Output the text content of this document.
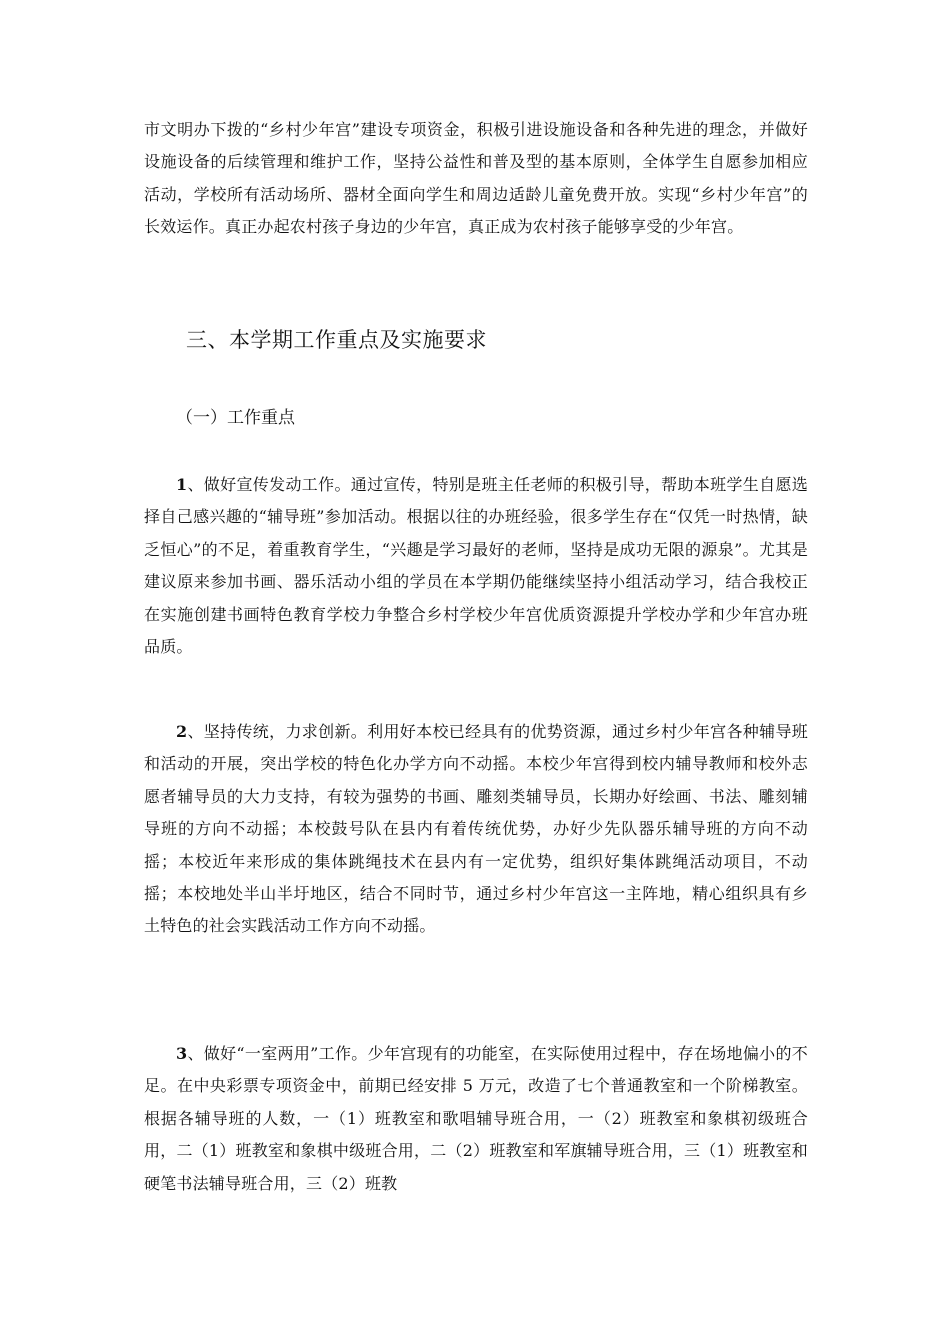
市文明办下拨的“乡村少年宫”建设专项资金，积极引进设施设备和各种先进的理念，并做好设施设备的后续管理和维护工作，坚持公益性和普及型的基本原则，全体学生自愿参加相应活动，学校所有活动场所、器材全面向学生和周边适龄儿童免费开放。实现“乡村少年宫”的长效运作。真正办起农村孩子身边的少年宫，真正成为农村孩子能够享受的少年宫。

三、本学期工作重点及实施要求
（一）工作重点

1、做好宣传发动工作。通过宣传，特别是班主任老师的积极引导，帮助本班学生自愿选择自己感兴趣的“辅导班”参加活动。根据以往的办班经验，很多学生存在“仅凭一时热情，缺乏恒心”的不足，着重教育学生，“兴趣是学习最好的老师，坚持是成功无限的源泉”。尤其是建议原来参加书画、器乐活动小组的学员在本学期仍能继续坚持小组活动学习，结合我校正在实施创建书画特色教育学校力争整合乡村学校少年宫优质资源提升学校办学和少年宫办班品质。

2、坚持传统，力求创新。利用好本校已经具有的优势资源，通过乡村少年宫各种辅导班和活动的开展，突出学校的特色化办学方向不动摇。本校少年宫得到校内辅导教师和校外志愿者辅导员的大力支持，有较为强势的书画、雕刻类辅导员，长期办好绘画、书法、雕刻辅导班的方向不动摇；本校鼓号队在县内有着传统优势，办好少先队器乐辅导班的方向不动摇；本校近年来形成的集体跳绳技术在县内有一定优势，组织好集体跳绳活动项目，不动摇；本校地处半山半圩地区，结合不同时节，通过乡村少年宫这一主阵地，精心组织具有乡土特色的社会实践活动工作方向不动摇。

3、做好“一室两用”工作。少年宫现有的功能室，在实际使用过程中，存在场地偏小的不足。在中央彩票专项资金中，前期已经安排 5 万元，改造了七个普通教室和一个阶梯教室。根据各辅导班的人数，一（1）班教室和歌唱辅导班合用，一（2）班教室和象棋初级班合用，二（1）班教室和象棋中级班合用，二（2）班教室和军旗辅导班合用，三（1）班教室和硬笔书法辅导班合用，三（2）班教
